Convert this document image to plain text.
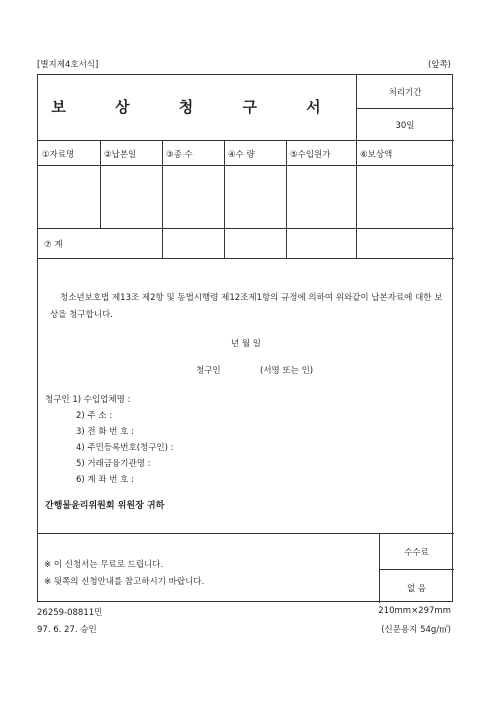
[별지제4호서식]	(앞쪽)
보 상 청 구 서
처리기간
30일
①자료명	②납본일	③종 수	④수 량	⑤수입원가	⑥보상액
⑦ 계
청소년보호법 제13조 제2항 및 동법시행령 제12조제1항의 규정에 의하여 위와같이 납본자료에 대한 보상을 청구합니다.
년 월 일
청구인	(서명 또는 인)
청구인 1) 수입업체명 :
2) 주 소 :
3) 전 화 번 호 :
4) 주민등록번호(청구인) :
5) 거래금융기관명 :
6) 계 좌 번 호 :
간행물윤리위원회 위원장 귀하
※ 이 신청서는 무료로 드립니다.
※ 뒷쪽의 신청안내를 참고하시기 바랍니다.
수수료
없 음
26259-08811민
97. 6. 27. 승인
210mm×297mm
(신문용지 54g/㎡)
